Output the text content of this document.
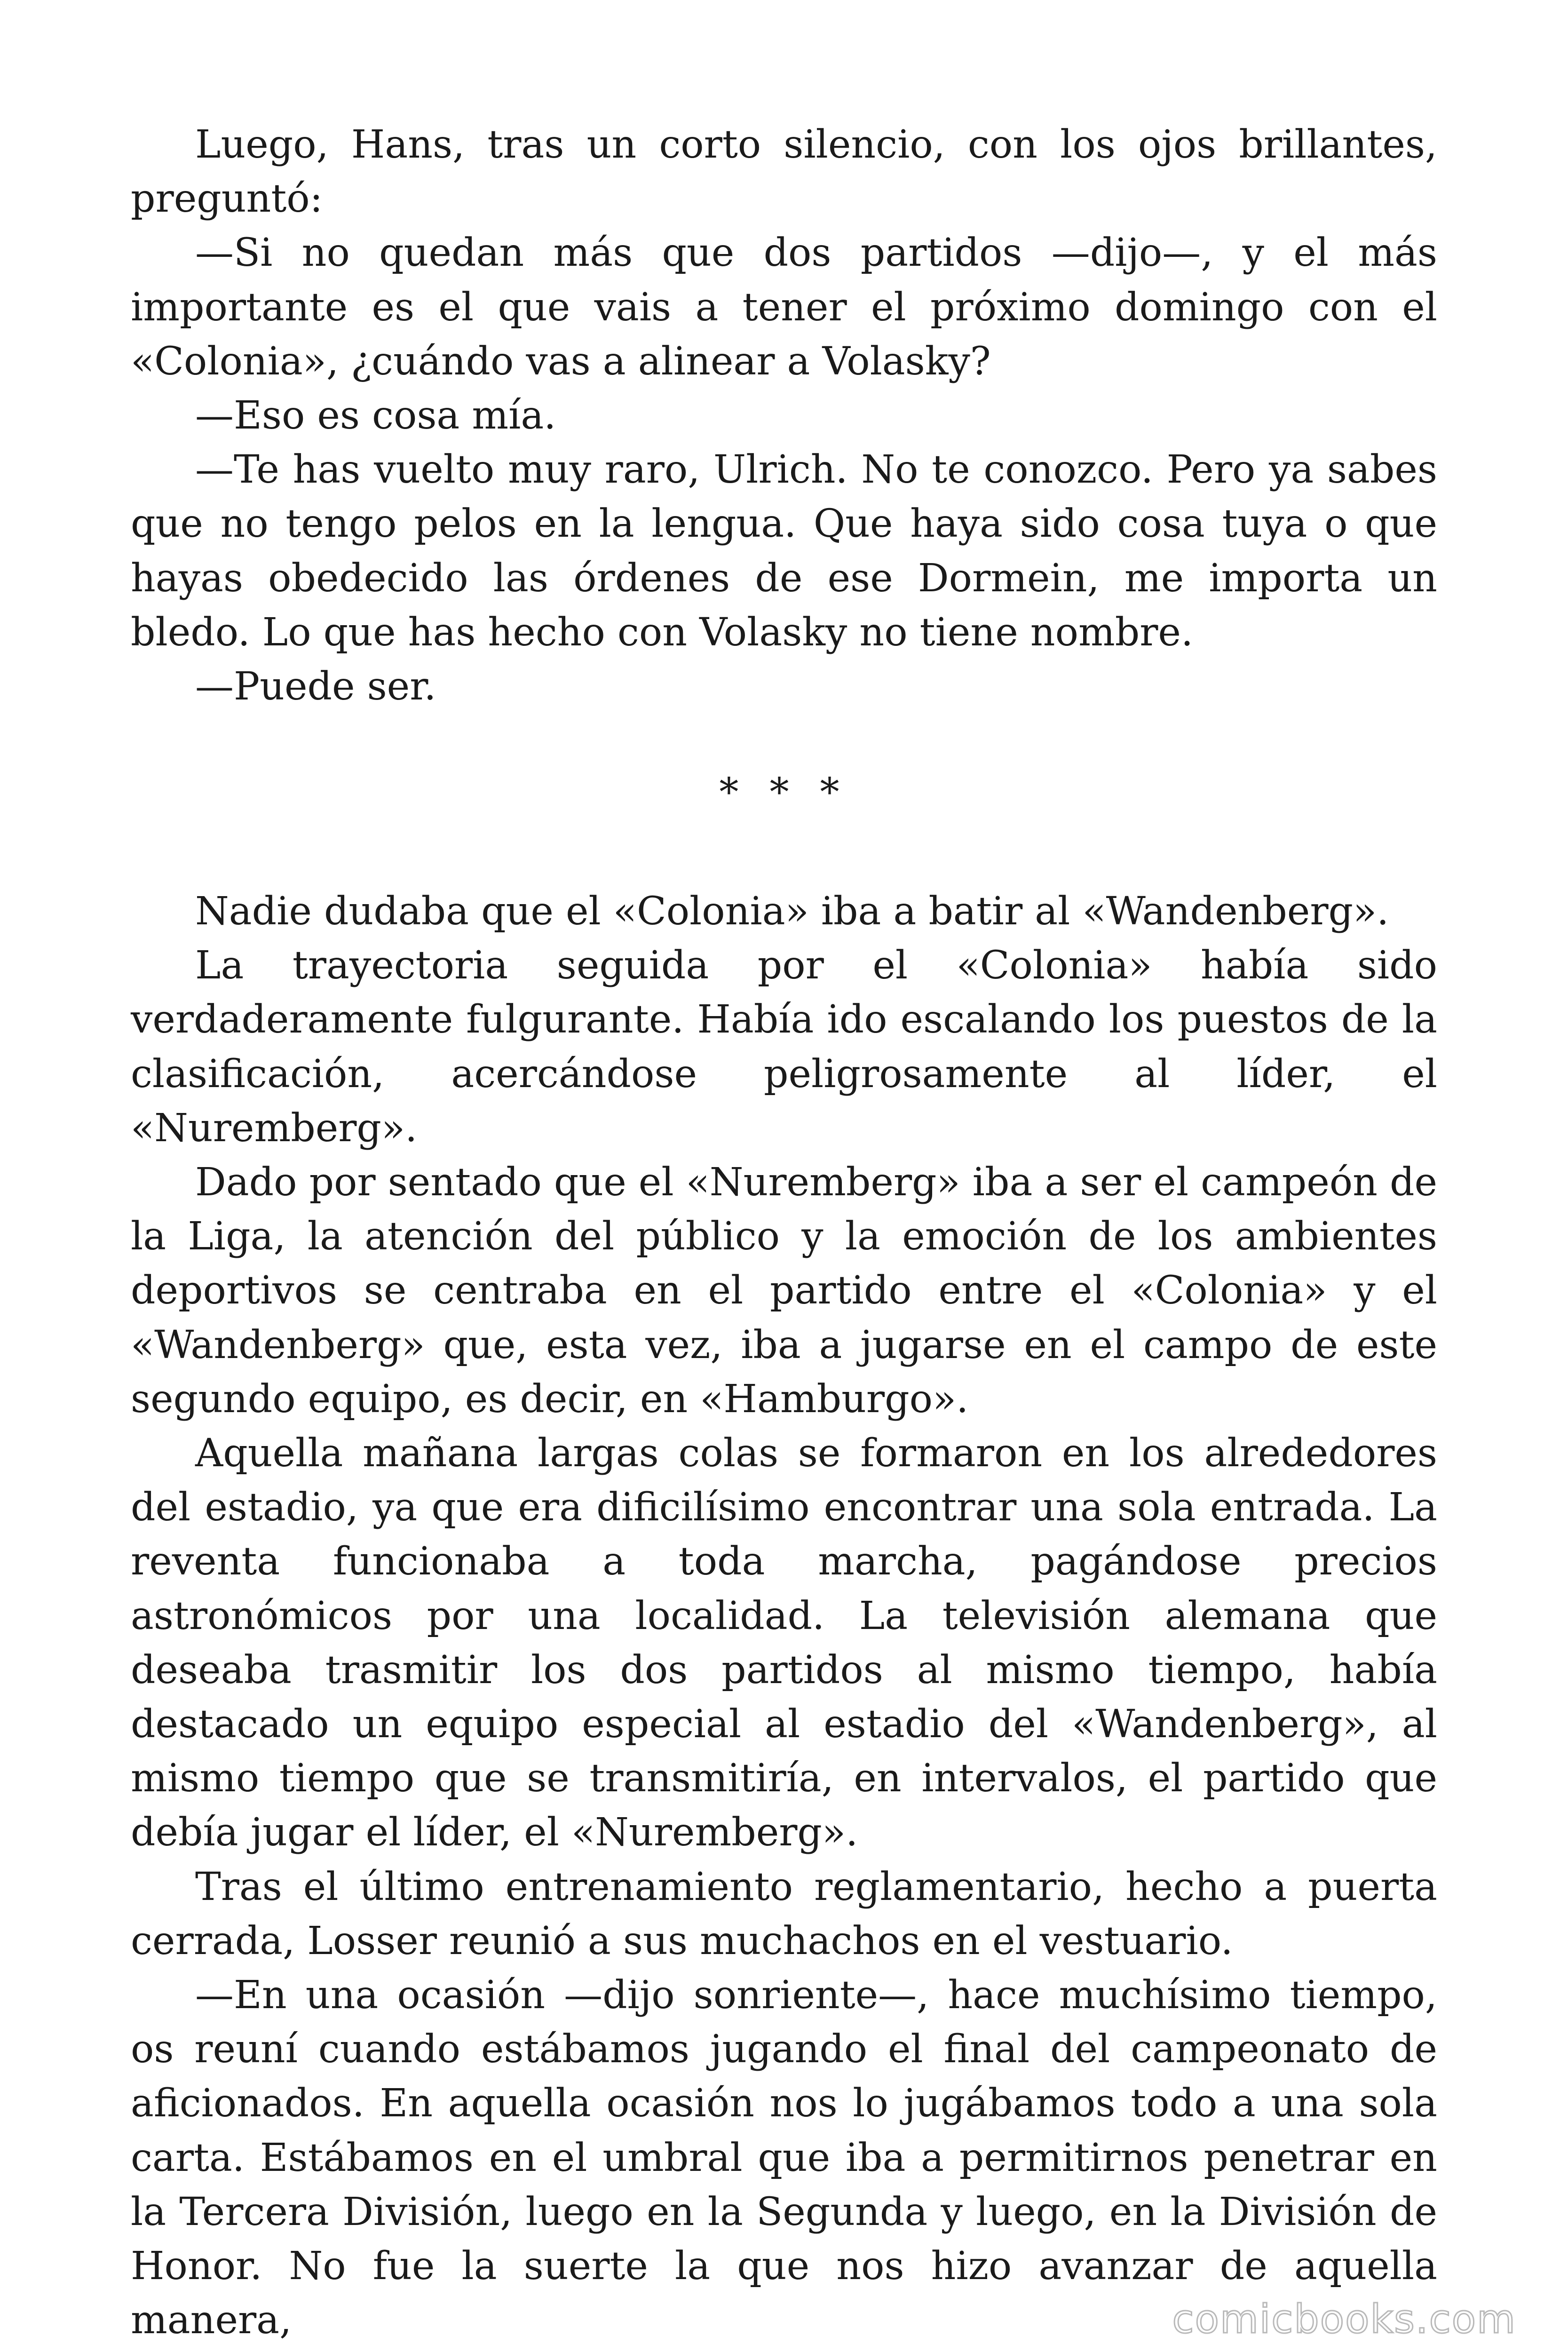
Luego, Hans, tras un corto silencio, con los ojos brillantes, preguntó:

—Si no quedan más que dos partidos —dijo—, y el más importante es el que vais a tener el próximo domingo con el «Colonia», ¿cuándo vas a alinear a Volasky?

—Eso es cosa mía.

—Te has vuelto muy raro, Ulrich. No te conozco. Pero ya sabes que no tengo pelos en la lengua. Que haya sido cosa tuya o que hayas obedecido las órdenes de ese Dormein, me importa un bledo. Lo que has hecho con Volasky no tiene nombre.

—Puede ser.

* * *

Nadie dudaba que el «Colonia» iba a batir al «Wandenberg».

La trayectoria seguida por el «Colonia» había sido verdaderamente fulgurante. Había ido escalando los puestos de la clasificación, acercándose peligrosamente al líder, el «Nuremberg».

Dado por sentado que el «Nuremberg» iba a ser el campeón de la Liga, la atención del público y la emoción de los ambientes deportivos se centraba en el partido entre el «Colonia» y el «Wandenberg» que, esta vez, iba a jugarse en el campo de este segundo equipo, es decir, en «Hamburgo».

Aquella mañana largas colas se formaron en los alrededores del estadio, ya que era dificilísimo encontrar una sola entrada. La reventa funcionaba a toda marcha, pagándose precios astronómicos por una localidad. La televisión alemana que deseaba trasmitir los dos partidos al mismo tiempo, había destacado un equipo especial al estadio del «Wandenberg», al mismo tiempo que se transmitiría, en intervalos, el partido que debía jugar el líder, el «Nuremberg».

Tras el último entrenamiento reglamentario, hecho a puerta cerrada, Losser reunió a sus muchachos en el vestuario.

—En una ocasión —dijo sonriente—, hace muchísimo tiempo, os reuní cuando estábamos jugando el final del campeonato de aficionados. En aquella ocasión nos lo jugábamos todo a una sola carta. Estábamos en el umbral que iba a permitirnos penetrar en la Tercera División, luego en la Segunda y luego, en la División de Honor. No fue la suerte la que nos hizo avanzar de aquella manera,	comicbooks.com
